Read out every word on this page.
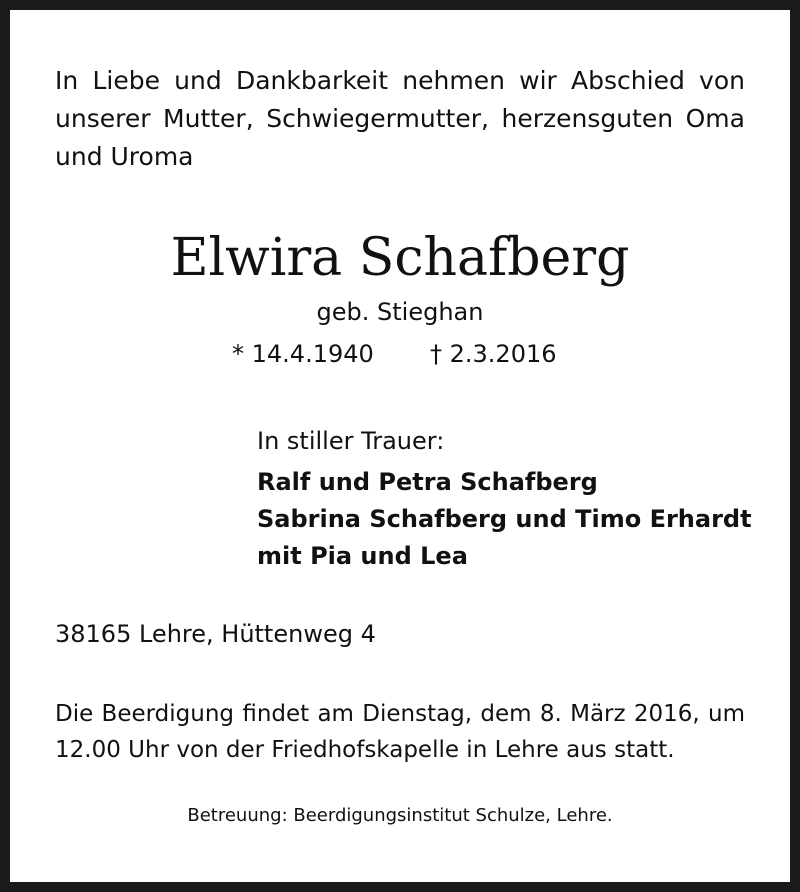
In Liebe und Dankbarkeit nehmen wir Abschied von
unserer Mutter, Schwiegermutter, herzensguten Oma
und Uroma
Elwira Schafberg
geb. Stieghan
* 14.4.1940 † 2.3.2016
In stiller Trauer:
Ralf und Petra Schafberg
Sabrina Schafberg und Timo Erhardt
mit Pia und Lea
38165 Lehre, Hüttenweg 4
Die Beerdigung findet am Dienstag, dem 8. März 2016, um
12.00 Uhr von der Friedhofskapelle in Lehre aus statt.
Betreuung: Beerdigungsinstitut Schulze, Lehre.
